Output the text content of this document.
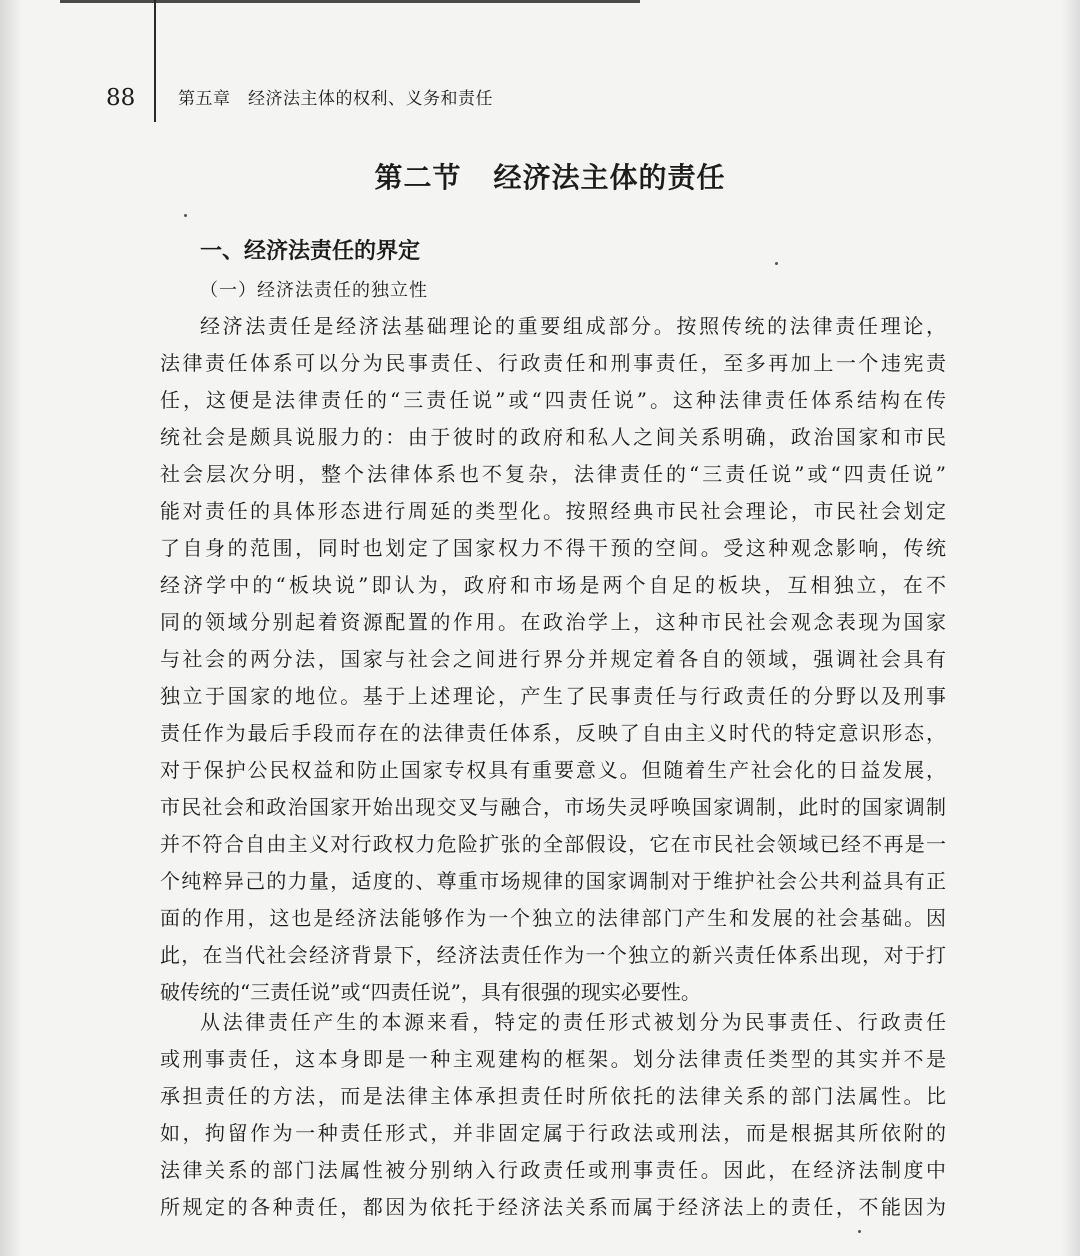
88	第五章　经济法主体的权利、义务和责任
第二节 经济法主体的责任
一、经济法责任的界定
（一）经济法责任的独立性
经济法责任是经济法基础理论的重要组成部分。按照传统的法律责任理论，
法律责任体系可以分为民事责任、行政责任和刑事责任，至多再加上一个违宪责
任，这便是法律责任的“三责任说”或“四责任说”。这种法律责任体系结构在传
统社会是颇具说服力的：由于彼时的政府和私人之间关系明确，政治国家和市民
社会层次分明，整个法律体系也不复杂，法律责任的“三责任说”或“四责任说”
能对责任的具体形态进行周延的类型化。按照经典市民社会理论，市民社会划定
了自身的范围，同时也划定了国家权力不得干预的空间。受这种观念影响，传统
经济学中的“板块说”即认为，政府和市场是两个自足的板块，互相独立，在不
同的领域分别起着资源配置的作用。在政治学上，这种市民社会观念表现为国家
与社会的两分法，国家与社会之间进行界分并规定着各自的领域，强调社会具有
独立于国家的地位。基于上述理论，产生了民事责任与行政责任的分野以及刑事
责任作为最后手段而存在的法律责任体系，反映了自由主义时代的特定意识形态，
对于保护公民权益和防止国家专权具有重要意义。但随着生产社会化的日益发展，
市民社会和政治国家开始出现交叉与融合，市场失灵呼唤国家调制，此时的国家调制
并不符合自由主义对行政权力危险扩张的全部假设，它在市民社会领域已经不再是一
个纯粹异己的力量，适度的、尊重市场规律的国家调制对于维护社会公共利益具有正
面的作用，这也是经济法能够作为一个独立的法律部门产生和发展的社会基础。因
此，在当代社会经济背景下，经济法责任作为一个独立的新兴责任体系出现，对于打
破传统的“三责任说”或“四责任说”，具有很强的现实必要性。
从法律责任产生的本源来看，特定的责任形式被划分为民事责任、行政责任
或刑事责任，这本身即是一种主观建构的框架。划分法律责任类型的其实并不是
承担责任的方法，而是法律主体承担责任时所依托的法律关系的部门法属性。比
如，拘留作为一种责任形式，并非固定属于行政法或刑法，而是根据其所依附的
法律关系的部门法属性被分别纳入行政责任或刑事责任。因此，在经济法制度中
所规定的各种责任，都因为依托于经济法关系而属于经济法上的责任，不能因为
